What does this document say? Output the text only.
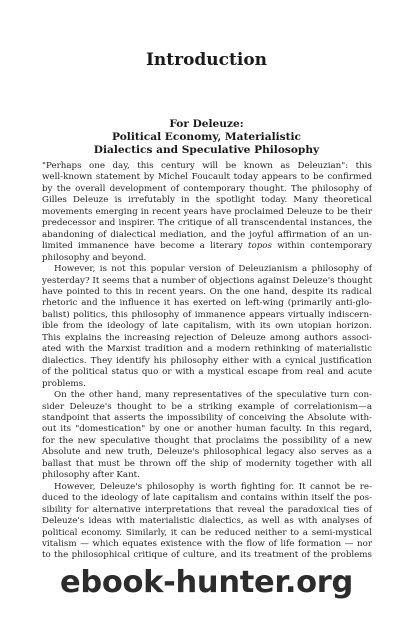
Introduction
For Deleuze:
Political Economy, Materialistic
Dialectics and Speculative Philosophy

"Perhaps one day, this century will be known as Deleuzian": this
well-known statement by Michel Foucault today appears to be confirmed
by the overall development of contemporary thought. The philosophy of
Gilles Deleuze is irrefutably in the spotlight today. Many theoretical
movements emerging in recent years have proclaimed Deleuze to be their
predecessor and inspirer. The critique of all transcendental instances, the
abandoning of dialectical mediation, and the joyful affirmation of an un-
limited immanence have become a literary topos within contemporary
philosophy and beyond.

However, is not this popular version of Deleuzianism a philosophy of
yesterday? It seems that a number of objections against Deleuze's thought
have pointed to this in recent years. On the one hand, despite its radical
rhetoric and the influence it has exerted on left-wing (primarily anti-glo-
balist) politics, this philosophy of immanence appears virtually indiscern-
ible from the ideology of late capitalism, with its own utopian horizon.
This explains the increasing rejection of Deleuze among authors associ-
ated with the Marxist tradition and a modern rethinking of materialistic
dialectics. They identify his philosophy either with a cynical justification
of the political status quo or with a mystical escape from real and acute
problems.

On the other hand, many representatives of the speculative turn con-
sider Deleuze's thought to be a striking example of correlationism—a
standpoint that asserts the impossibility of conceiving the Absolute with-
out its "domestication" by one or another human faculty. In this regard,
for the new speculative thought that proclaims the possibility of a new
Absolute and new truth, Deleuze's philosophical legacy also serves as a
ballast that must be thrown off the ship of modernity together with all
philosophy after Kant.

However, Deleuze's philosophy is worth fighting for. It cannot be re-
duced to the ideology of late capitalism and contains within itself the pos-
sibility for alternative interpretations that reveal the paradoxical ties of
Deleuze's ideas with materialistic dialectics, as well as with analyses of
political economy. Similarly, it can be reduced neither to a semi-mystical
vitalism — which equates existence with the flow of life formation — nor
to the philosophical critique of culture, and its treatment of the problems

ebook-hunter.org
